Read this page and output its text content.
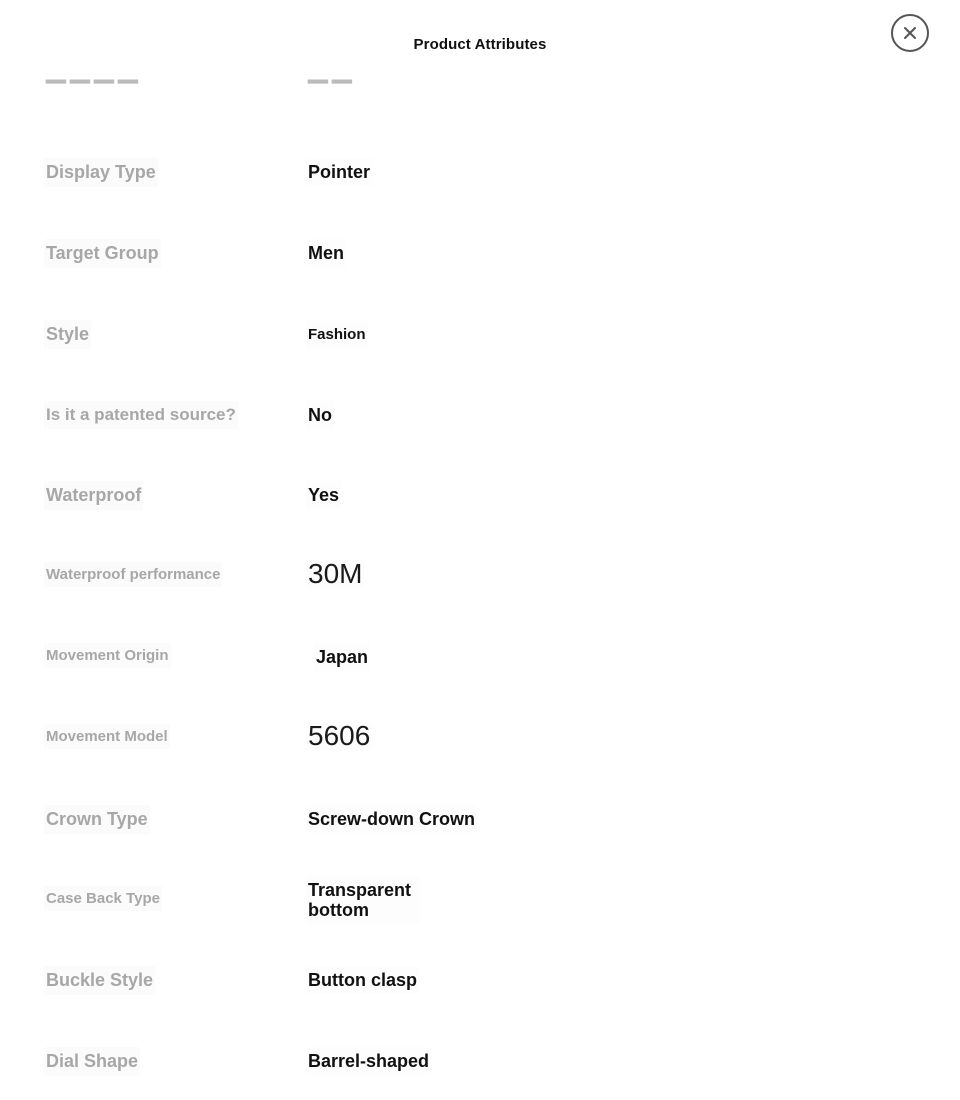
Product Attributes
▔▔▔▔	▔▔
Display Type	Pointer
Target Group	Men
Style	Fashion
Is it a patented source?	No
Waterproof	Yes
Waterproof performance	30M
Movement Origin	Japan
Movement Model	5606
Crown Type	Screw-down Crown
Case Back Type	Transparent bottom
Buckle Style	Button clasp
Dial Shape	Barrel-shaped
